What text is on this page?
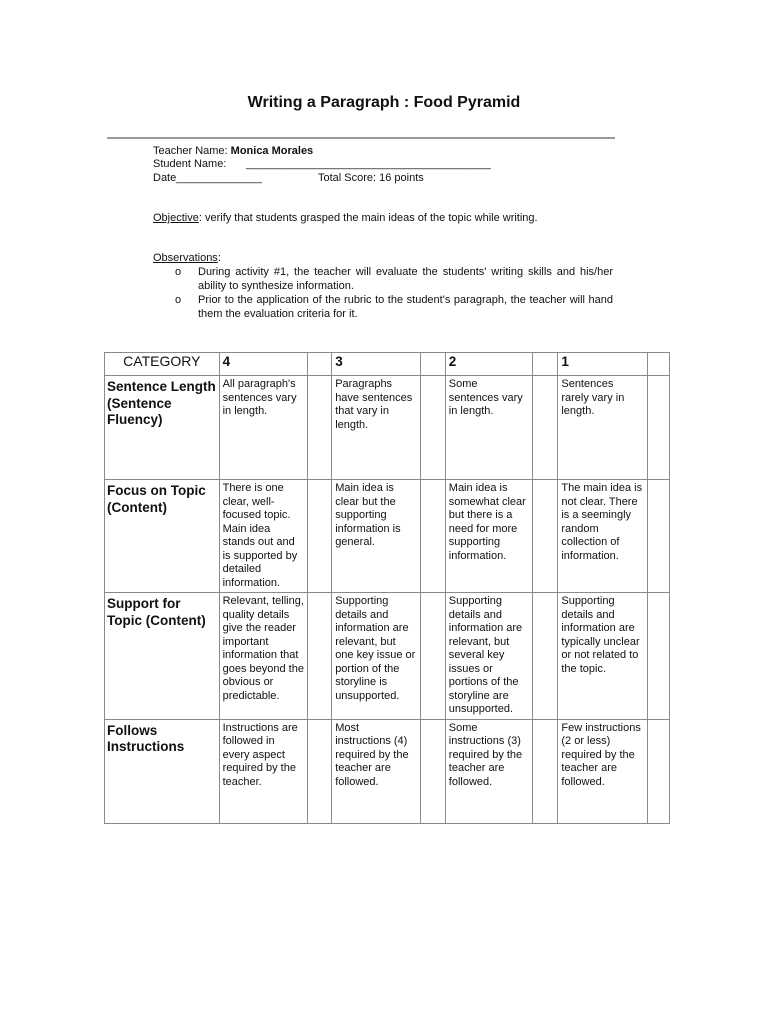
Writing a Paragraph : Food Pyramid
Teacher Name: Monica Morales
Student Name: ________________________________________
Date______________	Total Score: 16 points
Objective: verify that students grasped the main ideas of the topic while writing.
Observations:
o During activity #1, the teacher will evaluate the students' writing skills and his/her ability to synthesize information.
o Prior to the application of the rubric to the student's paragraph, the teacher will hand them the evaluation criteria for it.
CATEGORY	4		3		2		1	
Sentence Length (Sentence Fluency)	All paragraph's sentences vary in length.		Paragraphs have sentences that vary in length.		Some sentences vary in length.		Sentences rarely vary in length.	
Focus on Topic (Content)	There is one clear, well-focused topic. Main idea stands out and is supported by detailed information.		Main idea is clear but the supporting information is general.		Main idea is somewhat clear but there is a need for more supporting information.		The main idea is not clear. There is a seemingly random collection of information.	
Support for Topic (Content)	Relevant, telling, quality details give the reader important information that goes beyond the obvious or predictable.		Supporting details and information are relevant, but one key issue or portion of the storyline is unsupported.		Supporting details and information are relevant, but several key issues or portions of the storyline are unsupported.		Supporting details and information are typically unclear or not related to the topic.	
Follows Instructions	Instructions are followed in every aspect required by the teacher.		Most instructions (4) required by the teacher are followed.		Some instructions (3) required by the teacher are followed.		Few instructions (2 or less) required by the teacher are followed.	
